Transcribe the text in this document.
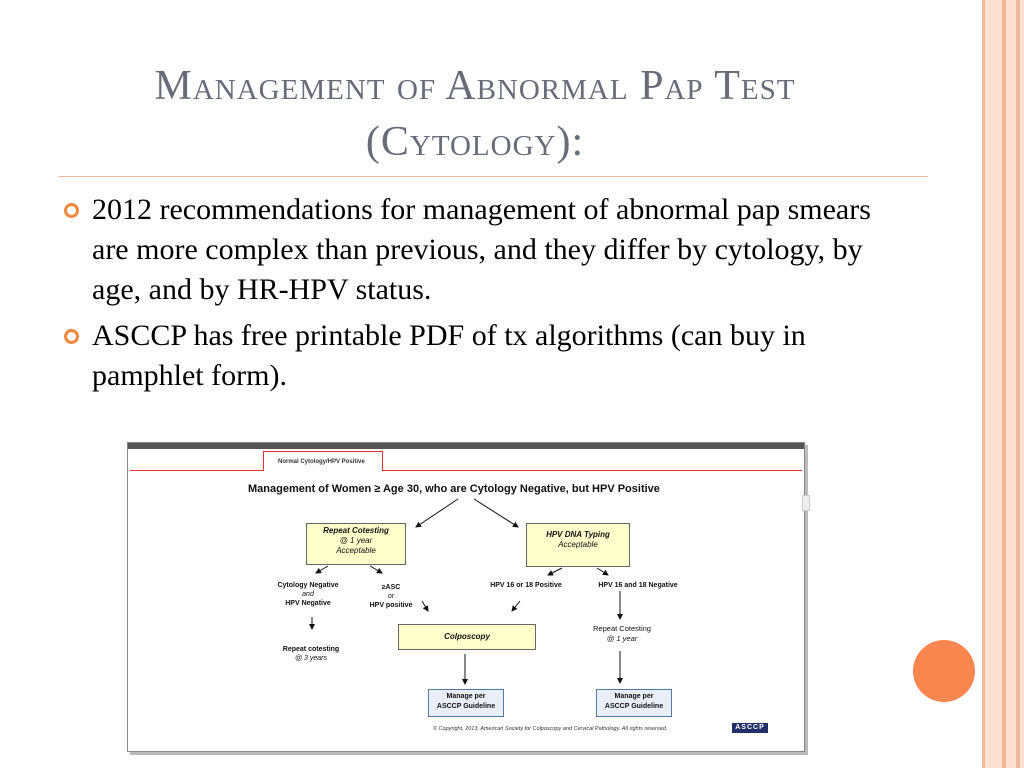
Management of Abnormal Pap Test
(Cytology):
2012 recommendations for management of abnormal pap smears are more complex than previous, and they differ by cytology, by age, and by HR-HPV status.
ASCCP has free printable PDF of tx algorithms (can buy in pamphlet form).
Normal Cytology/HPV Positive
Management of Women ≥ Age 30, who are Cytology Negative, but HPV Positive
Repeat Cotesting
@ 1 year
Acceptable
HPV DNA Typing
Acceptable
Cytology Negative
and
HPV Negative
≥ASC
or
HPV positive
HPV 16 or 18 Positive	HPV 16 and 18 Negative
Colposcopy
Repeat cotesting
@ 3 years
Repeat Cotesting
@ 1 year
Manage per
ASCCP Guideline
Manage per
ASCCP Guideline
© Copyright, 2013, American Society for Colposcopy and Cervical Pathology. All rights reserved.	ASCCP
